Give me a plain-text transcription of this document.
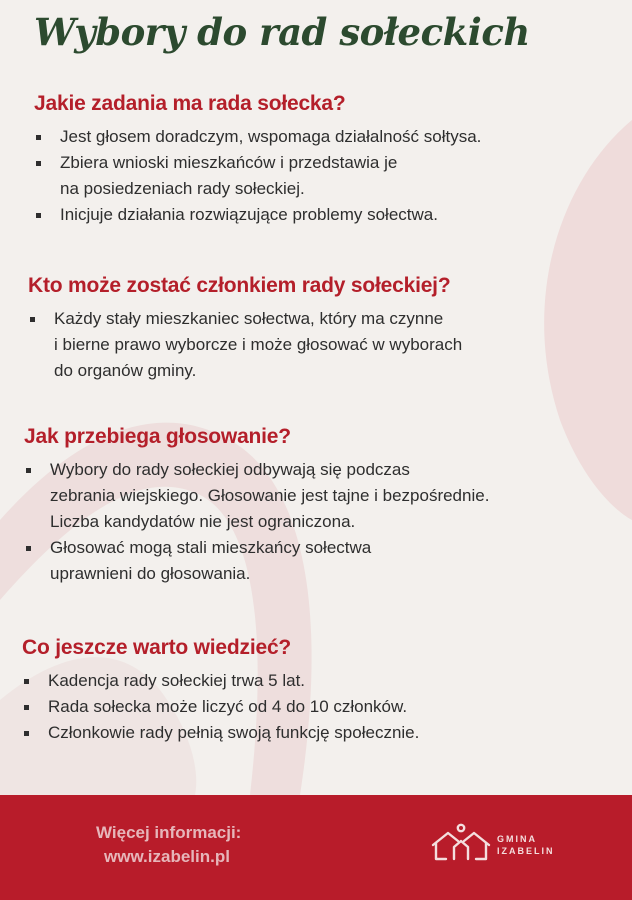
Wybory do rad sołeckich
Jakie zadania ma rada sołecka?
Jest głosem doradczym, wspomaga działalność sołtysa.
Zbiera wnioski mieszkańców i przedstawia je
na posiedzeniach rady sołeckiej.
Inicjuje działania rozwiązujące problemy sołectwa.
Kto może zostać członkiem rady sołeckiej?
Każdy stały mieszkaniec sołectwa, który ma czynne
i bierne prawo wyborcze i może głosować w wyborach
do organów gminy.
Jak przebiega głosowanie?
Wybory do rady sołeckiej odbywają się podczas
zebrania wiejskiego. Głosowanie jest tajne i bezpośrednie.
Liczba kandydatów nie jest ograniczona.
Głosować mogą stali mieszkańcy sołectwa
uprawnieni do głosowania.
Co jeszcze warto wiedzieć?
Kadencja rady sołeckiej trwa 5 lat.
Rada sołecka może liczyć od 4 do 10 członków.
Członkowie rady pełnią swoją funkcję społecznie.
Więcej informacji:
www.izabelin.pl
GMINA
IZABELIN
